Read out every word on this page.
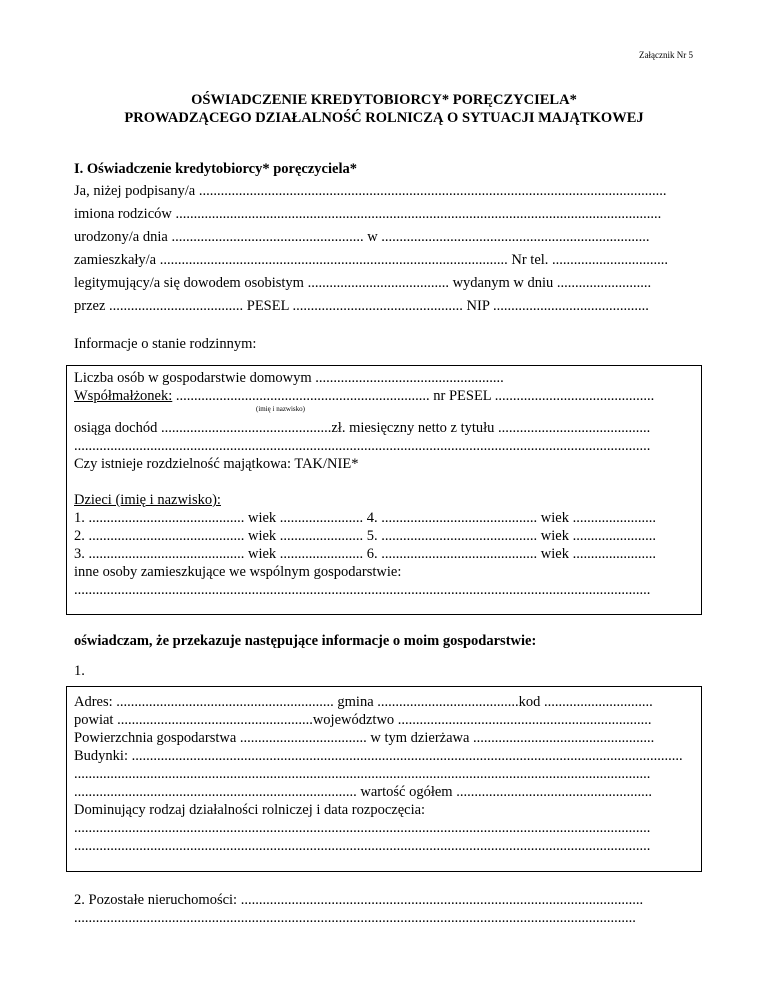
Załącznik Nr 5
OŚWIADCZENIE KREDYTOBIORCY* PORĘCZYCIELA*
PROWADZĄCEGO DZIAŁALNOŚĆ ROLNICZĄ O SYTUACJI MAJĄTKOWEJ
I. Oświadczenie kredytobiorcy* poręczyciela*
Ja, niżej podpisany/a .................................................................................................................................
imiona rodziców ......................................................................................................................................
urodzony/a dnia ..................................................... w ..........................................................................
zamieszkały/a ................................................................................................ Nr tel. ................................
legitymujący/a się dowodem osobistym ....................................... wydanym w dniu ..........................
przez ..................................... PESEL ............................................... NIP ...........................................
Informacje o stanie rodzinnym:
Liczba osób w gospodarstwie domowym ....................................................
Współmałżonek: ...................................................................... nr PESEL ............................................
(imię i nazwisko)
osiąga dochód ...............................................zł. miesięczny netto z tytułu ..........................................
...............................................................................................................................................................
Czy istnieje rozdzielność majątkowa: TAK/NIE*
Dzieci (imię i nazwisko):
1. ........................................... wiek ....................... 4. ........................................... wiek .......................
2. ........................................... wiek ....................... 5. ........................................... wiek .......................
3. ........................................... wiek ....................... 6. ........................................... wiek .......................
inne osoby zamieszkujące we wspólnym gospodarstwie:
...............................................................................................................................................................
oświadczam, że przekazuje następujące informacje o moim gospodarstwie:
1.
Adres: ............................................................ gmina .......................................kod ..............................
powiat ......................................................województwo ......................................................................
Powierzchnia gospodarstwa ................................... w tym dzierżawa ..................................................
Budynki: ........................................................................................................................................................
...............................................................................................................................................................
.............................................................................. wartość ogółem ......................................................
Dominujący rodzaj działalności rolniczej i data rozpoczęcia:
...............................................................................................................................................................
...............................................................................................................................................................
2. Pozostałe nieruchomości: ...............................................................................................................
...........................................................................................................................................................
